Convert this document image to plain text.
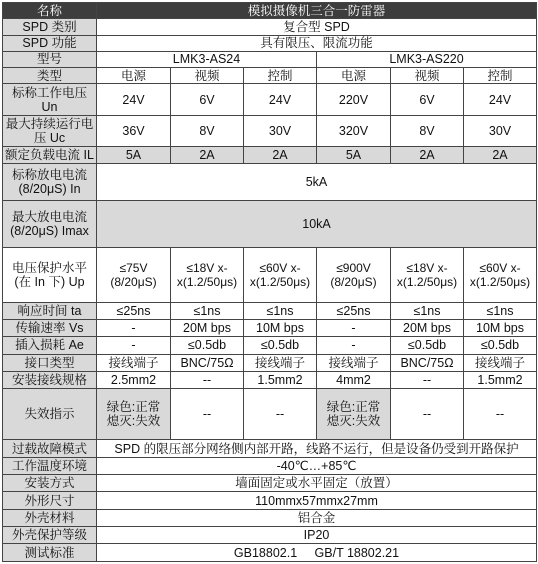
名称	模拟摄像机三合一防雷器					
SPD 类别	复合型 SPD					
SPD 功能	具有限压、限流功能					
型号	LMK3-AS24			LMK3-AS220		
类型	电源	视频	控制	电源	视频	控制
标称工作电压 Un	24V	6V	24V	220V	6V	24V
最大持续运行电压 Uc	36V	8V	30V	320V	8V	30V
额定负载电流 IL	5A	2A	2A	5A	2A	2A
标称放电电流 (8/20μS) In	5kA					
最大放电电流 (8/20μS) Imax	10kA					
电压保护水平 (在 In 下) Up	≤75V (8/20μS)	≤18V x-x(1.2/50μs)	≤60V x-x(1.2/50μs)	≤900V (8/20μS)	≤18V x-x(1.2/50μs)	≤60V x-x(1.2/50μs)
响应时间 ta	≤25ns	≤1ns	≤1ns	≤25ns	≤1ns	≤1ns
传输速率 Vs	-	20M bps	10M bps	-	20M bps	10M bps
插入损耗 Ae	-	≤0.5db	≤0.5db	-	≤0.5db	≤0.5db
接口类型	接线端子	BNC/75Ω	接线端子	接线端子	BNC/75Ω	接线端子
安装接线规格	2.5mm2	--	1.5mm2	4mm2	--	1.5mm2
失效指示	绿色:正常 熄灭:失效	--	--	绿色:正常 熄灭:失效	--	--
过载故障模式	SPD 的限压部分网络侧内部开路，线路不运行，但是设备仍受到开路保护					
工作温度环境	-40℃…+85℃					
安装方式	墙面固定或水平固定（放置）					
外形尺寸	110mmx57mmx27mm					
外壳材料	铝合金					
外壳保护等级	IP20					
测试标准	GB18802.1     GB/T 18802.21					
